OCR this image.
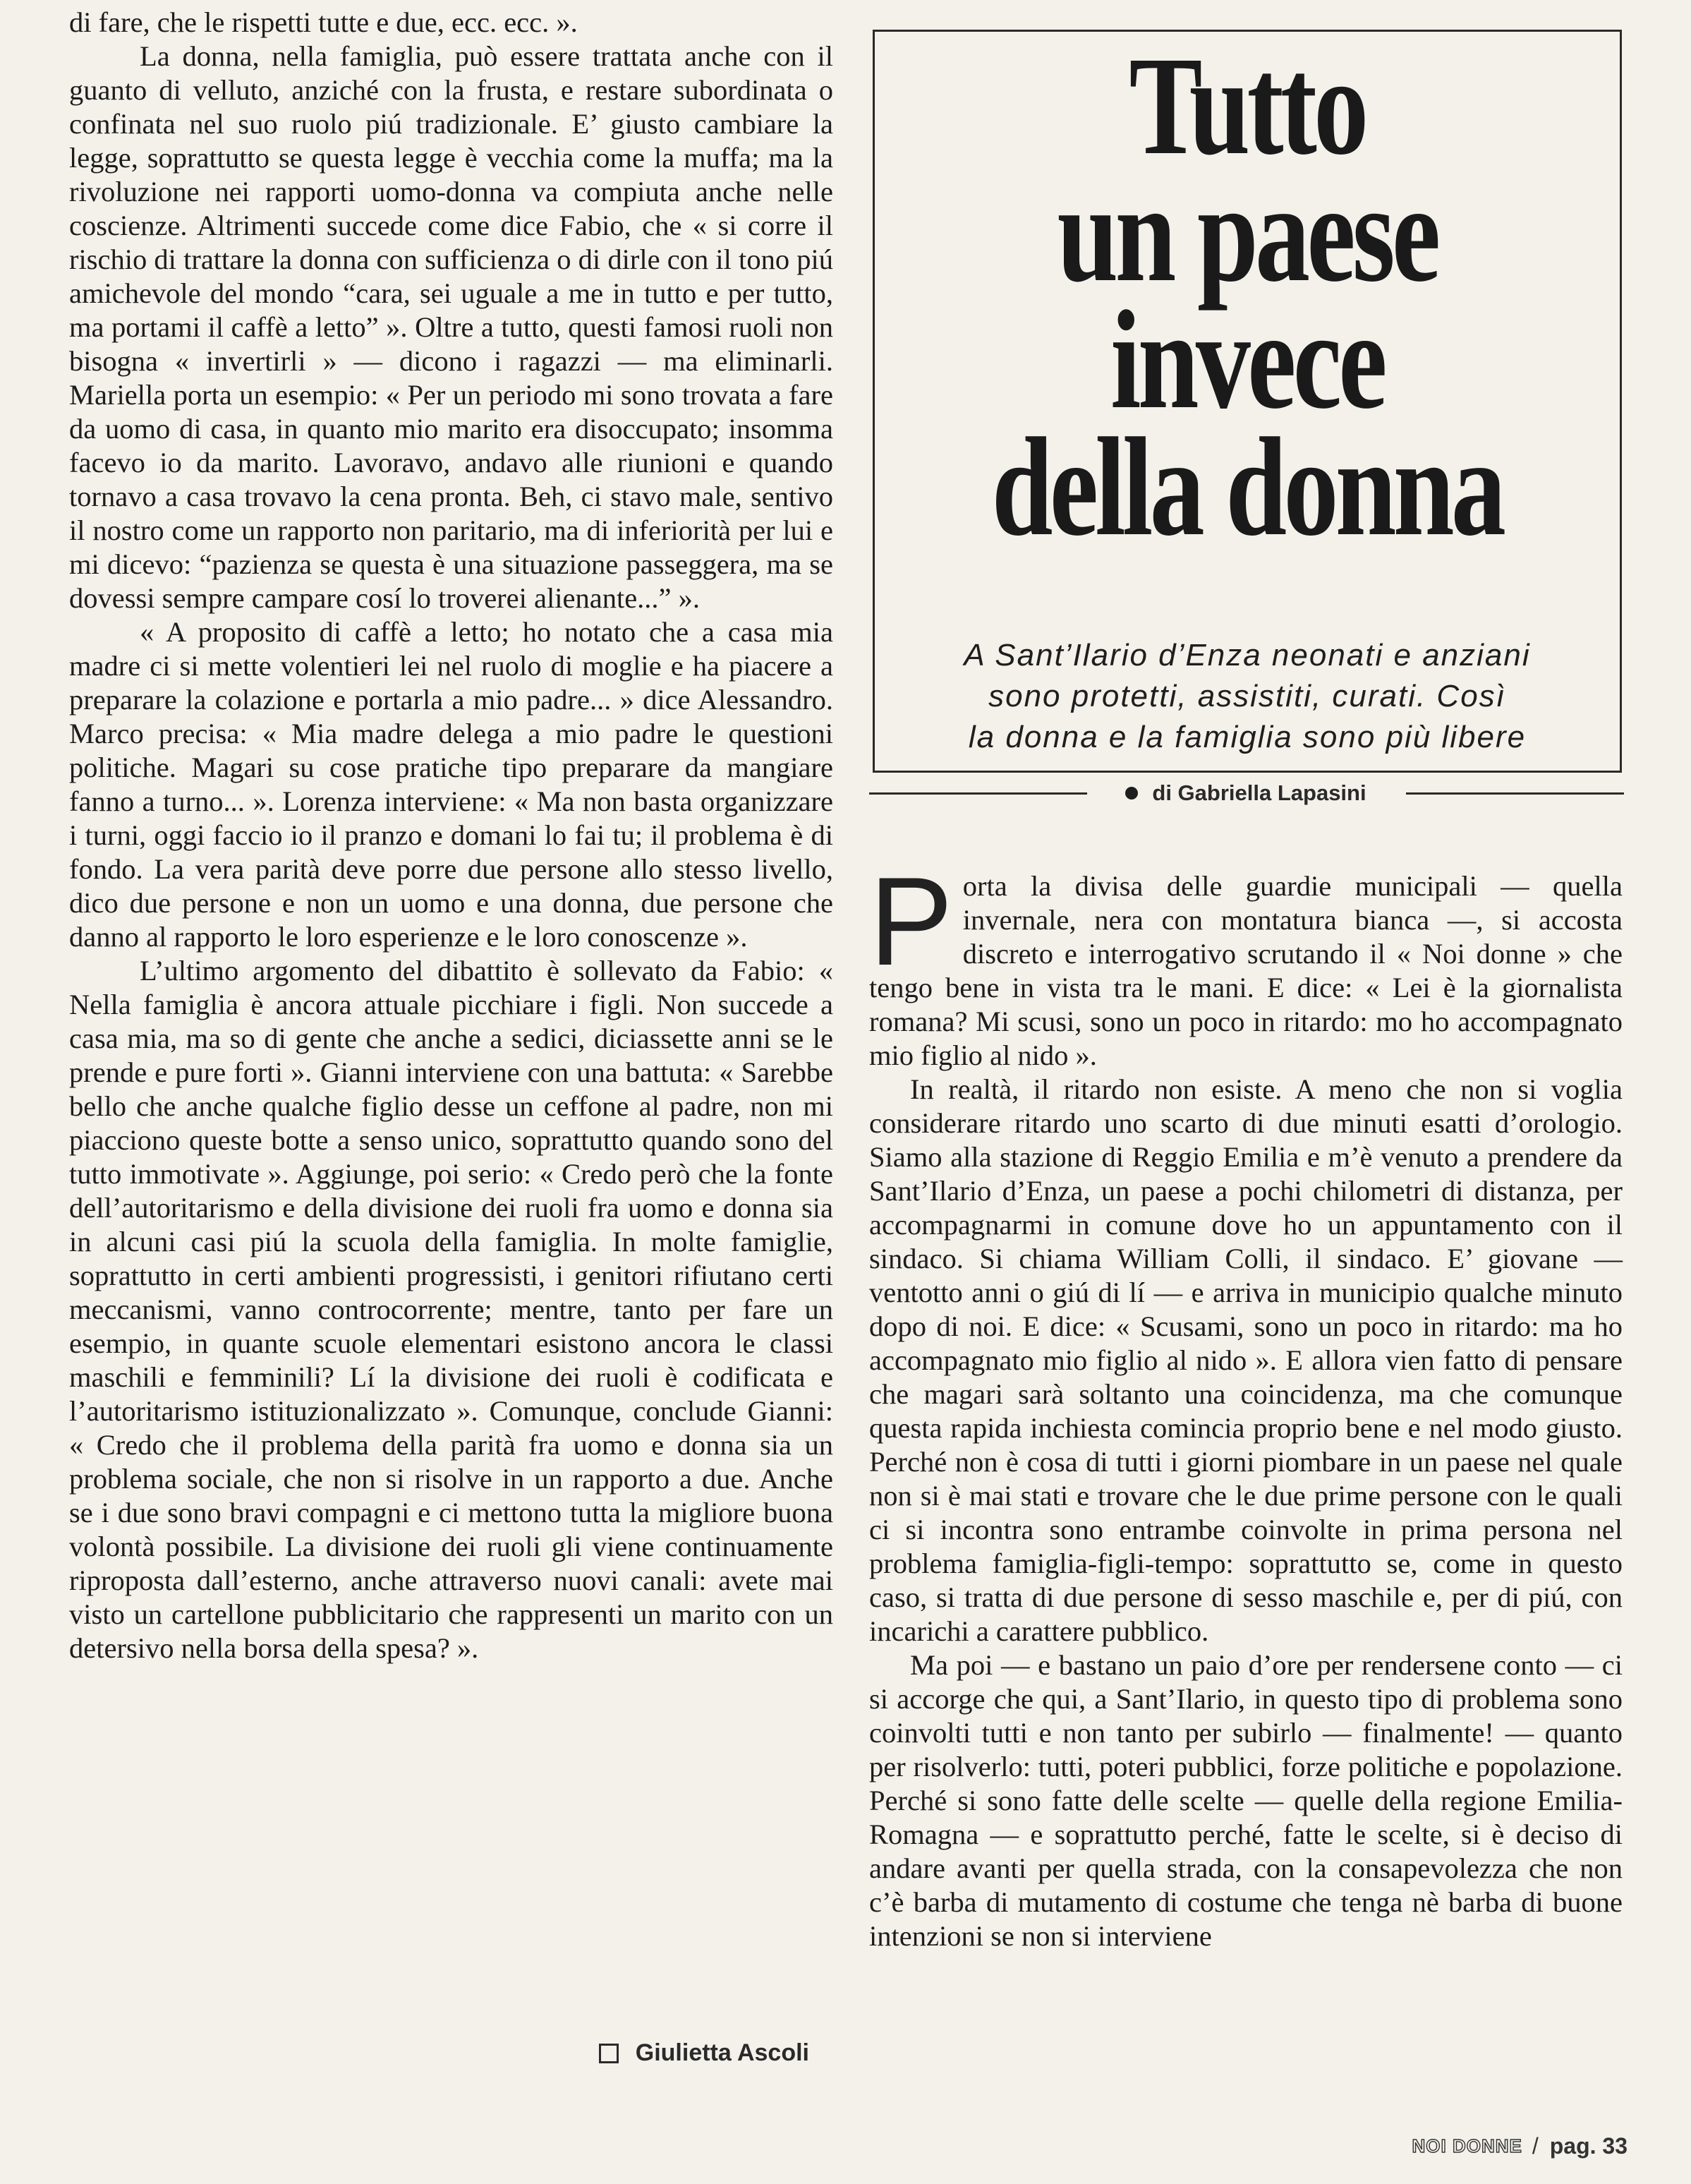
di fare, che le rispetti tutte e due, ecc. ecc. ».

La donna, nella famiglia, può essere trattata anche con il guanto di velluto, anziché con la frusta, e restare subordinata o confinata nel suo ruolo piú tradizionale. E’ giusto cambiare la legge, soprattutto se questa legge è vecchia come la muffa; ma la rivoluzione nei rapporti uomo-donna va compiuta anche nelle coscienze. Altrimenti succede come dice Fabio, che « si corre il rischio di trattare la donna con sufficienza o di dirle con il tono piú amichevole del mondo “cara, sei uguale a me in tutto e per tutto, ma portami il caffè a letto” ». Oltre a tutto, questi famosi ruoli non bisogna « invertirli » — dicono i ragazzi — ma eliminarli. Mariella porta un esempio: « Per un periodo mi sono trovata a fare da uomo di casa, in quanto mio marito era disoccupato; insomma facevo io da marito. Lavoravo, andavo alle riunioni e quando tornavo a casa trovavo la cena pronta. Beh, ci stavo male, sentivo il nostro come un rapporto non paritario, ma di inferiorità per lui e mi dicevo: “pazienza se questa è una situazione passeggera, ma se dovessi sempre campare cosí lo troverei alienante...” ».

« A proposito di caffè a letto; ho notato che a casa mia madre ci si mette volentieri lei nel ruolo di moglie e ha piacere a preparare la colazione e portarla a mio padre... » dice Alessandro. Marco precisa: « Mia madre delega a mio padre le questioni politiche. Magari su cose pratiche tipo preparare da mangiare fanno a turno... ». Lorenza interviene: « Ma non basta organizzare i turni, oggi faccio io il pranzo e domani lo fai tu; il problema è di fondo. La vera parità deve porre due persone allo stesso livello, dico due persone e non un uomo e una donna, due persone che danno al rapporto le loro esperienze e le loro conoscenze ».

L’ultimo argomento del dibattito è sollevato da Fabio: « Nella famiglia è ancora attuale picchiare i figli. Non succede a casa mia, ma so di gente che anche a sedici, diciassette anni se le prende e pure forti ». Gianni interviene con una battuta: « Sarebbe bello che anche qualche figlio desse un ceffone al padre, non mi piacciono queste botte a senso unico, soprattutto quando sono del tutto immotivate ». Aggiunge, poi serio: « Credo però che la fonte dell’autoritarismo e della divisione dei ruoli fra uomo e donna sia in alcuni casi piú la scuola della famiglia. In molte famiglie, soprattutto in certi ambienti progressisti, i genitori rifiutano certi meccanismi, vanno controcorrente; mentre, tanto per fare un esempio, in quante scuole elementari esistono ancora le classi maschili e femminili? Lí la divisione dei ruoli è codificata e l’autoritarismo istituzionalizzato ». Comunque, conclude Gianni: « Credo che il problema della parità fra uomo e donna sia un problema sociale, che non si risolve in un rapporto a due. Anche se i due sono bravi compagni e ci mettono tutta la migliore buona volontà possibile. La divisione dei ruoli gli viene continuamente riproposta dall’esterno, anche attraverso nuovi canali: avete mai visto un cartellone pubblicitario che rappresenti un marito con un detersivo nella borsa della spesa? ».

Giulietta Ascoli
Tutto
un paese
invece
della donna
A Sant’Ilario d’Enza neonati e anziani
sono protetti, assistiti, curati. Così
la donna e la famiglia sono più libere
di Gabriella Lapasini

Porta la divisa delle guardie municipali — quella invernale, nera con montatura bianca —, si accosta discreto e interrogativo scrutando il « Noi donne » che tengo bene in vista tra le mani. E dice: « Lei è la giornalista romana? Mi scusi, sono un poco in ritardo: mo ho accompagnato mio figlio al nido ».

In realtà, il ritardo non esiste. A meno che non si voglia considerare ritardo uno scarto di due minuti esatti d’orologio. Siamo alla stazione di Reggio Emilia e m’è venuto a prendere da Sant’Ilario d’Enza, un paese a pochi chilometri di distanza, per accompagnarmi in comune dove ho un appuntamento con il sindaco. Si chiama William Colli, il sindaco. E’ giovane — ventotto anni o giú di lí — e arriva in municipio qualche minuto dopo di noi. E dice: « Scusami, sono un poco in ritardo: ma ho accompagnato mio figlio al nido ». E allora vien fatto di pensare che magari sarà soltanto una coincidenza, ma che comunque questa rapida inchiesta comincia proprio bene e nel modo giusto. Perché non è cosa di tutti i giorni piombare in un paese nel quale non si è mai stati e trovare che le due prime persone con le quali ci si incontra sono entrambe coinvolte in prima persona nel problema famiglia-figli-tempo: soprattutto se, come in questo caso, si tratta di due persone di sesso maschile e, per di piú, con incarichi a carattere pubblico.

Ma poi — e bastano un paio d’ore per rendersene conto — ci si accorge che qui, a Sant’Ilario, in questo tipo di problema sono coinvolti tutti e non tanto per subirlo — finalmente! — quanto per risolverlo: tutti, poteri pubblici, forze politiche e popolazione. Perché si sono fatte delle scelte — quelle della regione Emilia-Romagna — e soprattutto perché, fatte le scelte, si è deciso di andare avanti per quella strada, con la consapevolezza che non c’è barba di mutamento di costume che tenga nè barba di buone intenzioni se non si interviene

NOI DONNE / pag. 33
